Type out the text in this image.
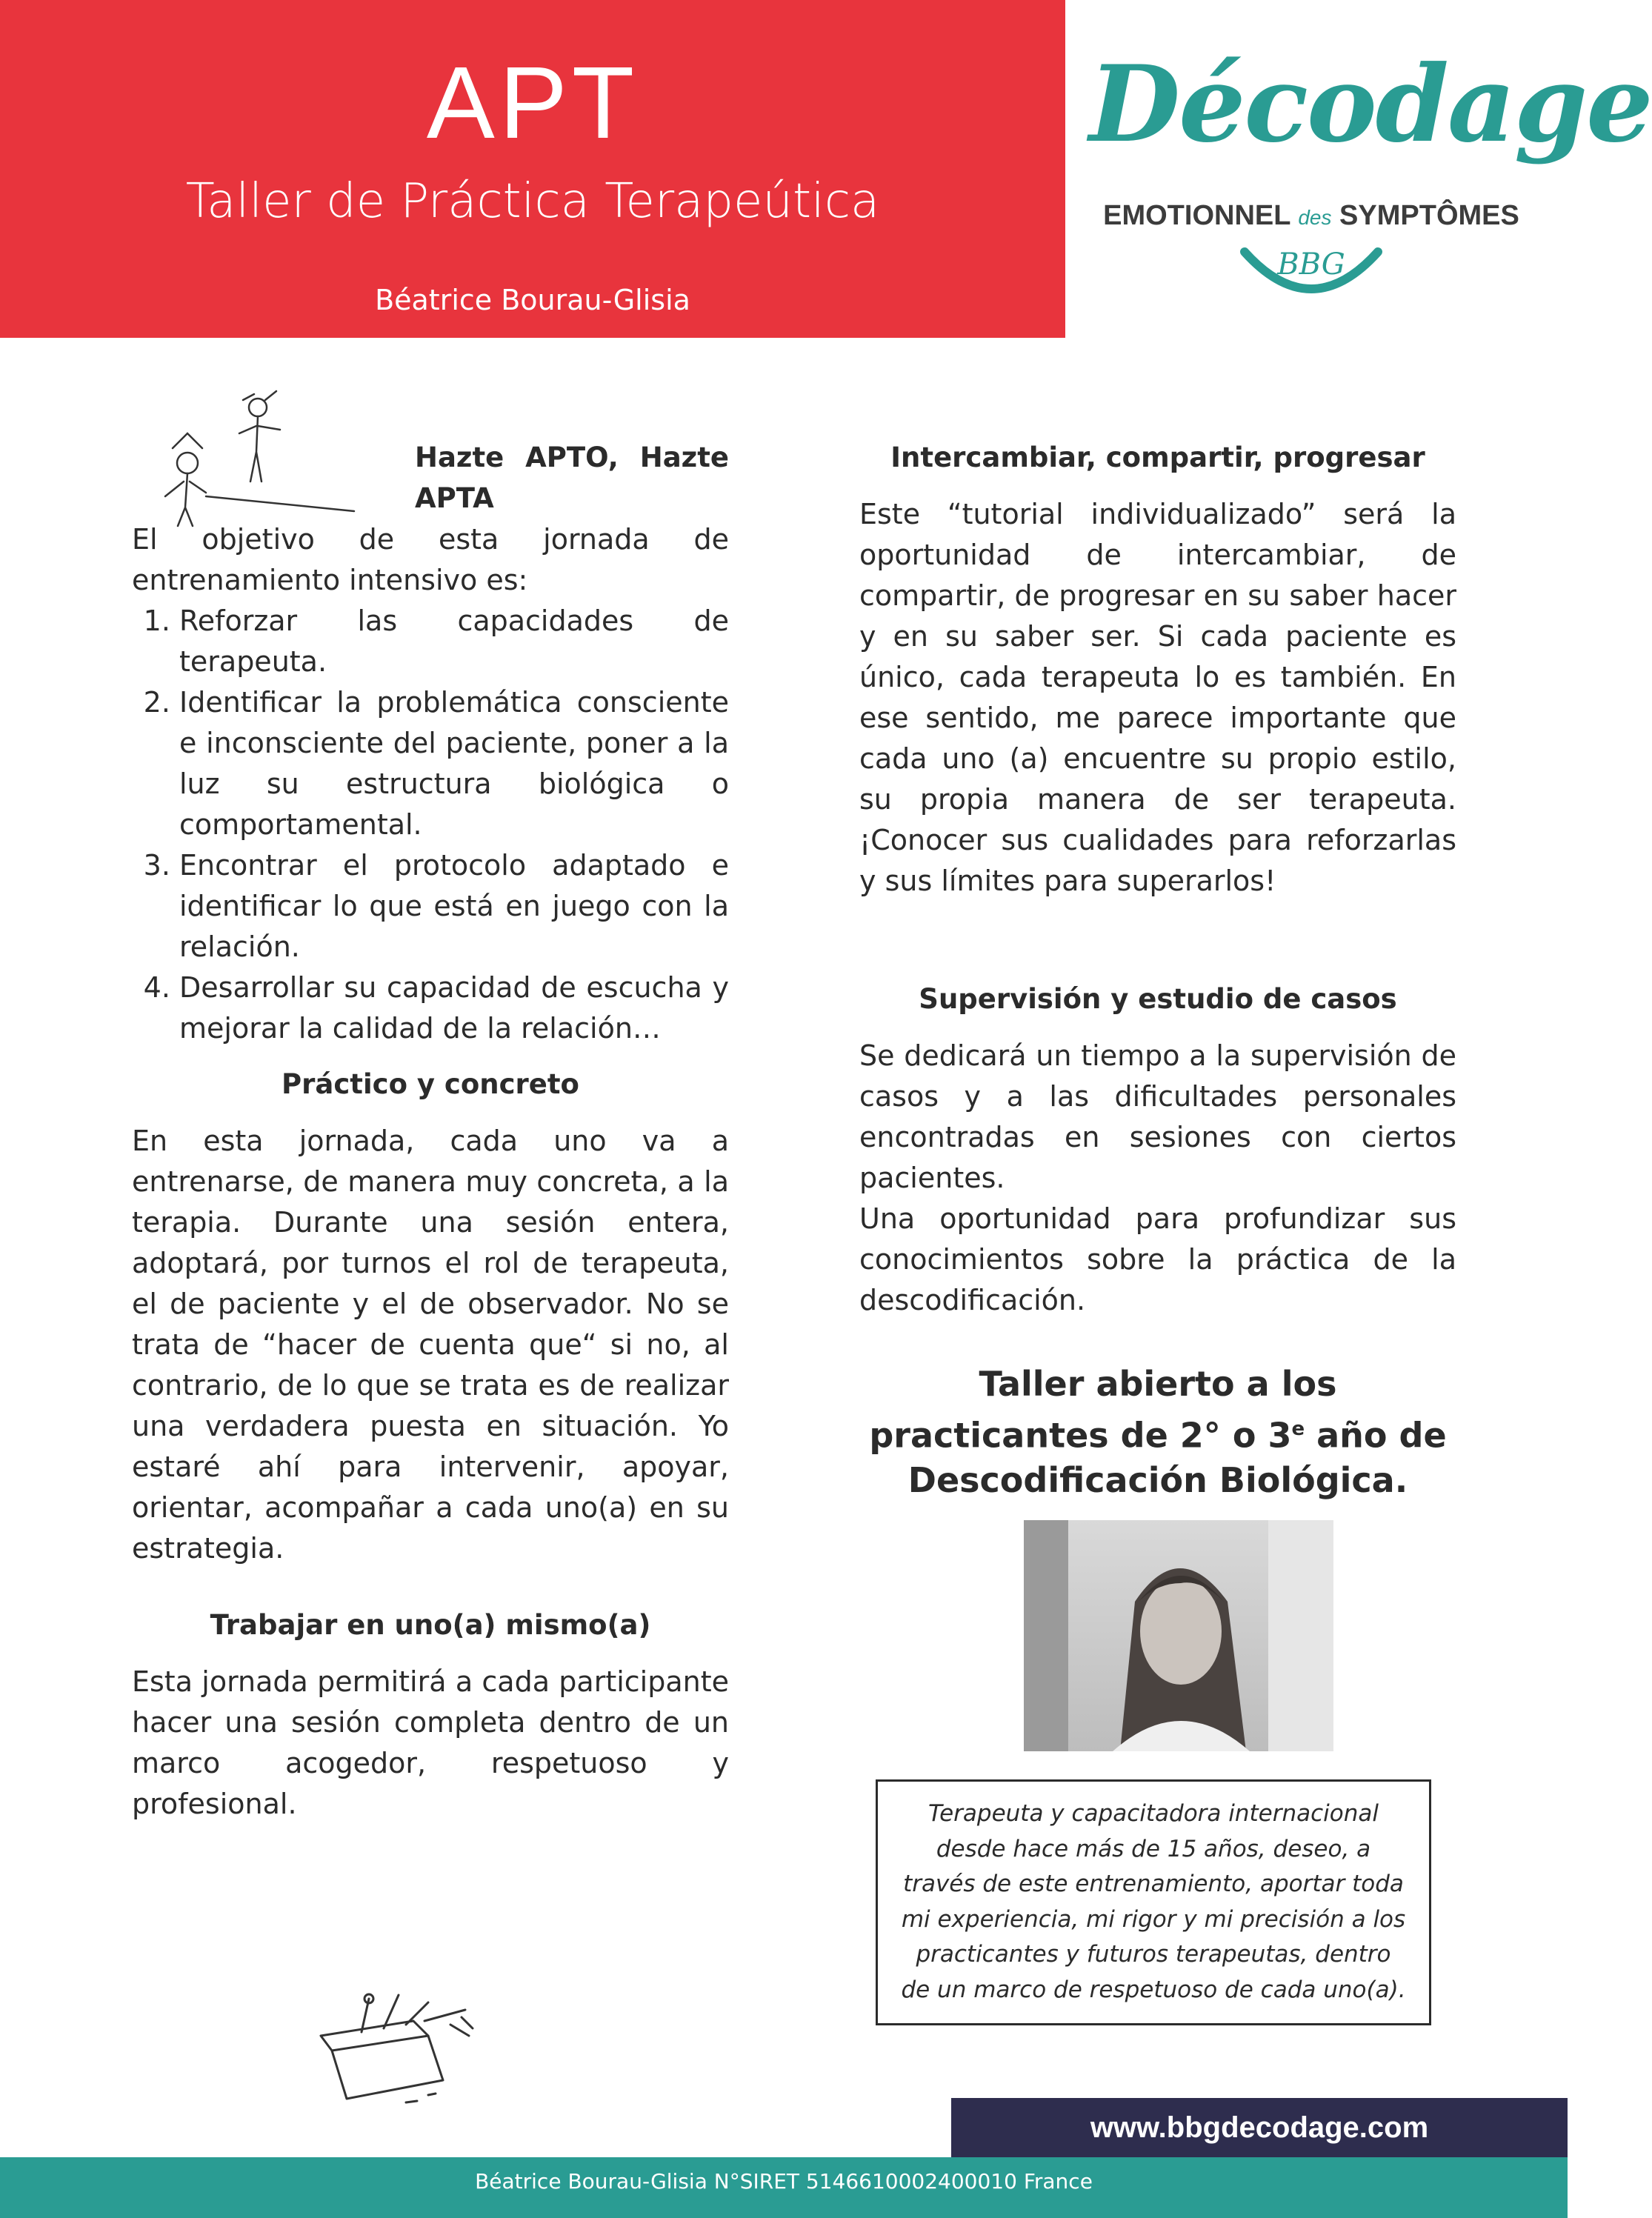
APT
Taller de Práctica Terapeútica
Béatrice Bourau-Glisia
Décodage
EMOTIONNEL des SYMPTÔMES
BBG
Hazte APTO, Hazte APTA

El objetivo de esta jornada de entrenamiento intensivo es:

1. Reforzar las capacidades de terapeuta.
2. Identificar la problemática consciente e inconsciente del paciente, poner a la luz su estructura biológica o comportamental.
3. Encontrar el protocolo adaptado e identificar lo que está en juego con la relación.
4. Desarrollar su capacidad de escucha y mejorar la calidad de la relación…
Práctico y concreto

En esta jornada, cada uno va a entrenarse, de manera muy concreta, a la terapia. Durante una sesión entera, adoptará, por turnos el rol de terapeuta, el de paciente y el de observador. No se trata de “hacer de cuenta que“ si no, al contrario, de lo que se trata es de realizar una verdadera puesta en situación. Yo estaré ahí para intervenir, apoyar, orientar, acompañar a cada uno(a) en su estrategia.

Trabajar en uno(a) mismo(a)

Esta jornada permitirá a cada participante hacer una sesión completa dentro de un marco acogedor, respetuoso y profesional.

Intercambiar, compartir, progresar

Este “tutorial individualizado” será la oportunidad de intercambiar, de compartir, de progresar en su saber hacer y en su saber ser. Si cada paciente es único, cada terapeuta lo es también. En ese sentido, me parece importante que cada uno (a) encuentre su propio estilo, su propia manera de ser terapeuta. ¡Conocer sus cualidades para reforzarlas y sus límites para superarlos!

Supervisión y estudio de casos

Se dedicará un tiempo a la supervisión de casos y a las dificultades personales encontradas en sesiones con ciertos pacientes.

Una oportunidad para profundizar sus conocimientos sobre la práctica de la descodificación.

Taller abierto a los
practicantes de 2° o 3e año de
Descodificación Biológica.
Terapeuta y capacitadora internacional desde hace más de 15 años, deseo, a través de este entrenamiento, aportar toda mi experiencia, mi rigor y mi precisión a los practicantes y futuros terapeutas, dentro de un marco de respetuoso de cada uno(a).
www.bbgdecodage.com
Béatrice Bourau-Glisia N°SIRET 5146610002400010 France
